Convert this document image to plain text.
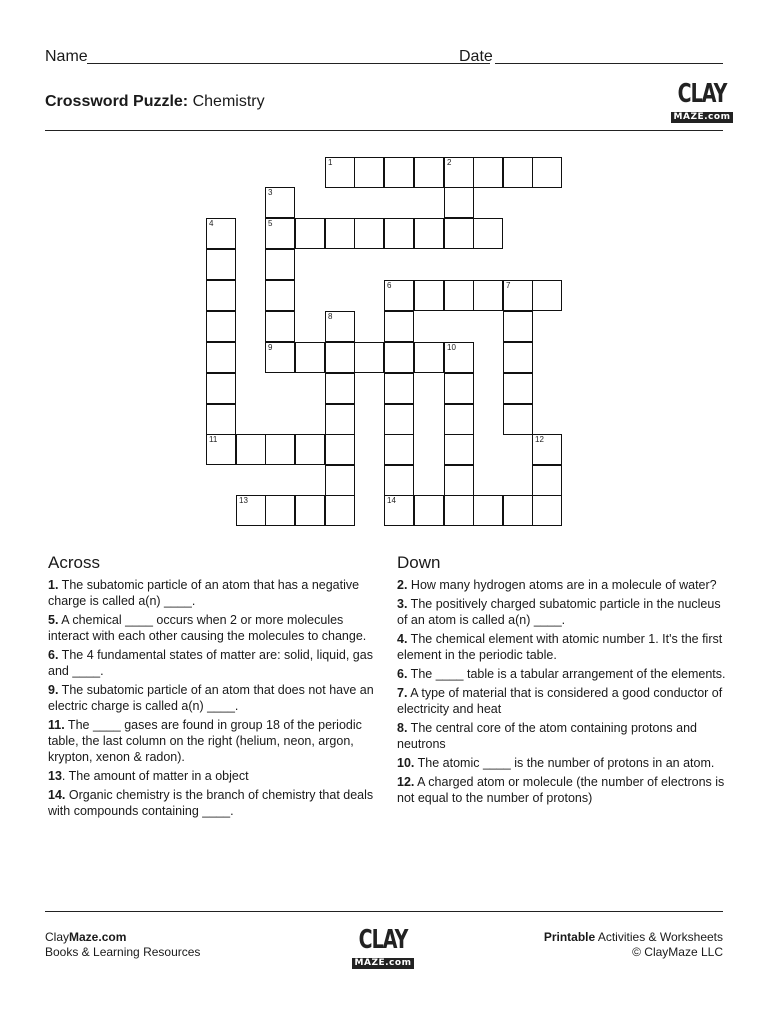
Name	Date
Crossword Puzzle: Chemistry	CLAY
MAZE.com
1	2
3
4	5
6	7
8
9	10
11	12
13	14
Across
1. The subatomic particle of an atom that has a negative charge is called a(n) ____.
5. A chemical ____ occurs when 2 or more molecules interact with each other causing the molecules to change.
6. The 4 fundamental states of matter are: solid, liquid, gas and ____.
9. The subatomic particle of an atom that does not have an electric charge is called a(n) ____.
11. The ____ gases are found in group 18 of the periodic table, the last column on the right (helium, neon, argon, krypton, xenon & radon).
13. The amount of matter in a object
14. Organic chemistry is the branch of chemistry that deals with compounds containing ____.
Down
2. How many hydrogen atoms are in a molecule of water?
3. The positively charged subatomic particle in the nucleus of an atom is called a(n) ____.
4. The chemical element with atomic number 1. It's the first element in the periodic table.
6. The ____ table is a tabular arrangement of the elements.
7. A type of material that is considered a good conductor of electricity and heat
8. The central core of the atom containing protons and neutrons
10. The atomic ____ is the number of protons in an atom.
12. A charged atom or molecule (the number of electrons is not equal to the number of protons)
ClayMaze.com
Books & Learning Resources	CLAY
MAZE.com
Printable Activities & Worksheets
© ClayMaze LLC
